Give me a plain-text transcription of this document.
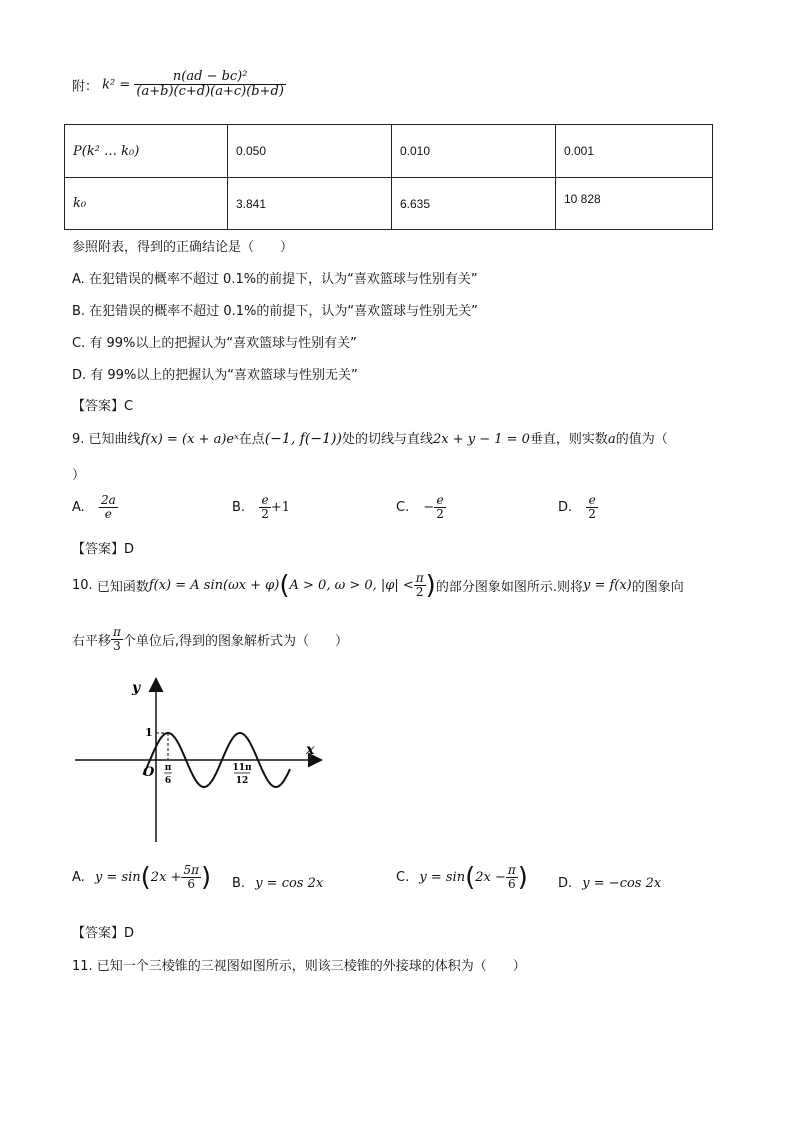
附： $k^2 = \frac{\text{n(ad − bc)²}}{(a+b)(c+d)(a+c)(b+d)}$
P(k² … k₀)	0.050	0.010	0.001
k₀	3.841	6.635	10 828
参照附表，得到的正确结论是（　　）
A. 在犯错误的概率不超过 0.1%的前提下，认为“喜欢篮球与性别有关”
B. 在犯错误的概率不超过 0.1%的前提下，认为“喜欢篮球与性别无关”
C. 有 99%以上的把握认为“喜欢篮球与性别有关”
D. 有 99%以上的把握认为“喜欢篮球与性别无关”
【答案】C
9. 已知曲线f(x) = (x + a)eˣ在点(−1, f(−1))处的切线与直线2x + y − 1 = 0垂直，则实数a的值为（
）
A. $\frac{2a}{e}$	B. $\frac{e}{2} +1$	C. − $\frac{e}{2}$	D. $\frac{e}{2}$
【答案】D
10. 已知函数f(x) = A sin(ωx + φ)(A > 0, ω > 0, $|\varphi| < \frac{\pi}{2}$ )的部分图象如图所示.则将y = f(x)的图象向
右平移 $\frac{\pi}{3}$ 个单位后,得到的图象解析式为（　　）
y
x
O
1
π
6
11π
12
A. $y = \sin(2x + \frac{5\pi}{6}$ ) B. y = cos 2x	C. $y = \sin(2x - \frac{\pi}{6}$ ) D. y = −cos 2x
【答案】D
11. 已知一个三棱锥的三视图如图所示，则该三棱锥的外接球的体积为（　　）
